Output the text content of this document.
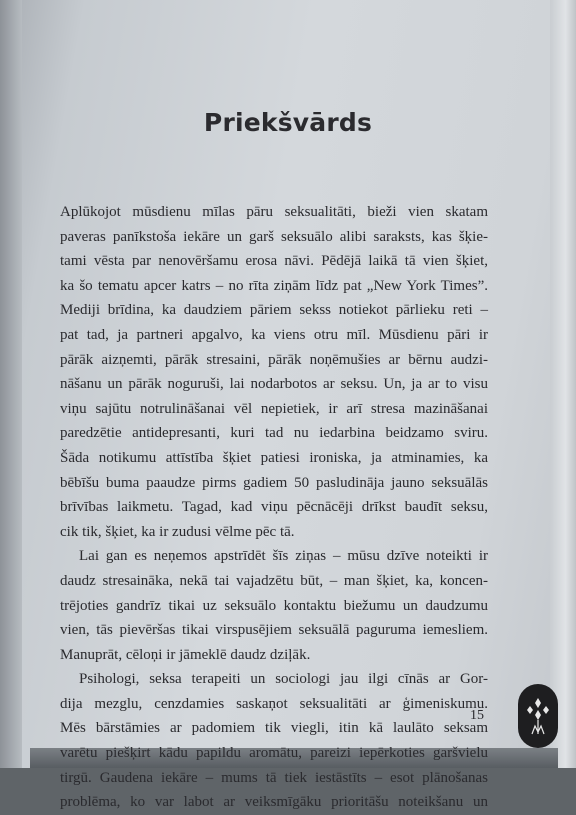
Priekšvārds
Aplūkojot mūsdienu mīlas pāru seksualitāti, bieži vien skatam
paveras panīkstoša iekāre un garš seksuālo alibi saraksts, kas šķie-
tami vēsta par nenovēršamu erosa nāvi. Pēdējā laikā tā vien šķiet,
ka šo tematu apcer katrs – no rīta ziņām līdz pat „New York Times”.
Mediji brīdina, ka daudziem pāriem sekss notiekot pārlieku reti –
pat tad, ja partneri apgalvo, ka viens otru mīl. Mūsdienu pāri ir
pārāk aizņemti, pārāk stresaini, pārāk noņēmušies ar bērnu audzi-
nāšanu un pārāk noguruši, lai nodarbotos ar seksu. Un, ja ar to visu
viņu sajūtu notrulināšanai vēl nepietiek, ir arī stresa mazināšanai
paredzētie antidepresanti, kuri tad nu iedarbina beidzamo sviru.
Šāda notikumu attīstība šķiet patiesi ironiska, ja atminamies, ka
bēbīšu buma paaudze pirms gadiem 50 pasludināja jauno seksuālās
brīvības laikmetu. Tagad, kad viņu pēcnācēji drīkst baudīt seksu,
cik tik, šķiet, ka ir zudusi vēlme pēc tā.
Lai gan es neņemos apstrīdēt šīs ziņas – mūsu dzīve noteikti ir
daudz stresaināka, nekā tai vajadzētu būt, – man šķiet, ka, koncen-
trējoties gandrīz tikai uz seksuālo kontaktu biežumu un daudzumu
vien, tās pievēršas tikai virspusējiem seksuālā paguruma iemesliem.
Manuprāt, cēloņi ir jāmeklē daudz dziļāk.
Psihologi, seksa terapeiti un sociologi jau ilgi cīnās ar Gor-
dija mezglu, cenzdamies saskaņot seksualitāti ar ģimeniskumu.
Mēs bārstāmies ar padomiem tik viegli, itin kā laulāto seksam
varētu piešķirt kādu papildu aromātu, pareizi iepērkoties garšvielu
tirgū. Gaudena iekāre – mums tā tiek iestāstīts – esot plānošanas
problēma, ko var labot ar veiksmīgāku prioritāšu noteikšanu un
15
